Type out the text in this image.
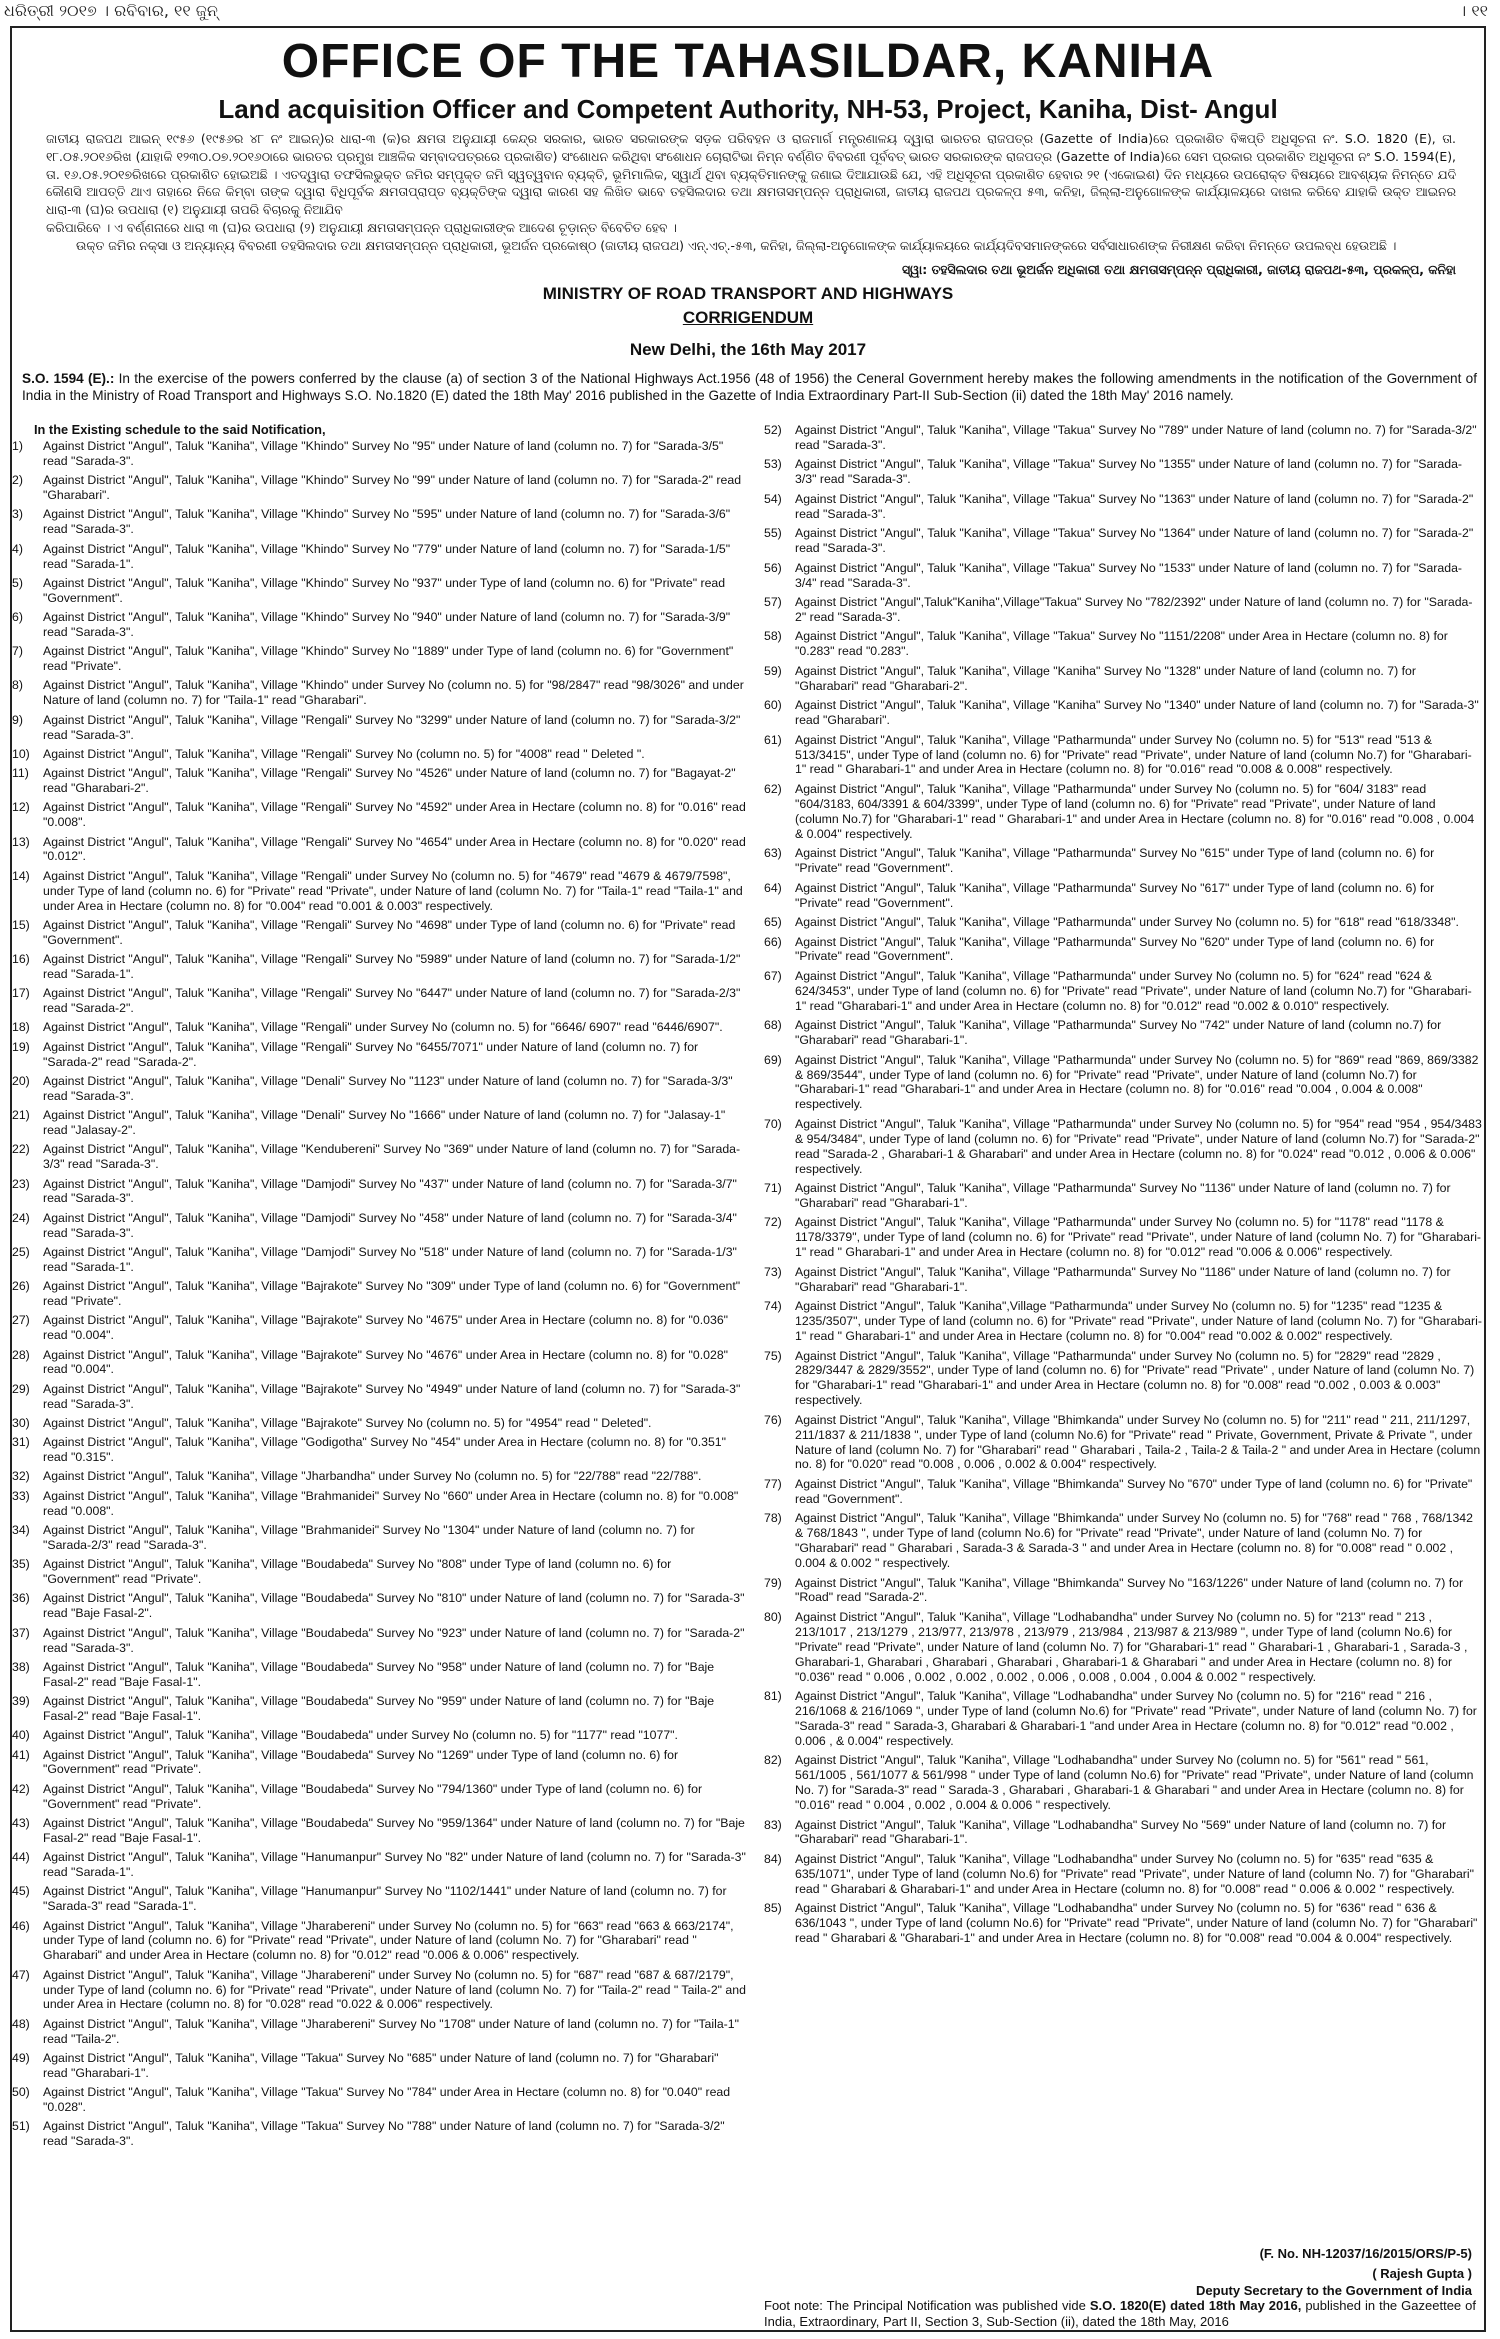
ଧରିତ୍ରୀ ୨୦୧୭ । ରବିବାର, ୧୧ ଜୁନ୍	। ୧୧
OFFICE OF THE TAHASILDAR, KANIHA
Land acquisition Officer and Competent Authority, NH-53, Project, Kaniha, Dist- Angul

ଜାତୀୟ ରାଜପଥ ଆଇନ୍ ୧୯୫୬ (୧୯୫୬ର ୪୮ ନଂ ଆଇନ୍)ର ଧାରା-୩ (କ)ର କ୍ଷମତା ଅନୁଯାୟୀ କେନ୍ଦ୍ର ସରକାର, ଭାରତ ସରକାରଙ୍କ ସଡ଼କ ପରିବହନ ଓ ରାଜମାର୍ଗ ମନ୍ତ୍ରଣାଳୟ ଦ୍ୱାରା ଭାରତର ରାଜପତ୍ର (Gazette of India)ରେ ପ୍ରକାଶିତ ବିଜ୍ଞପ୍ତି ଅଧିସୂଚନା ନଂ. S.O. 1820 (E), ତା. ୧୮.୦୫.୨୦୧୬ରିଖ (ଯାହାକି ୧୨୩୦.୦୭.୨୦୧୬ଠାରେ ଭାରତର ପ୍ରମୁଖ ଆଞ୍ଚଳିକ ସମ୍ବାଦପତ୍ରରେ ପ୍ରକାଶିତ) ସଂଶୋଧନ କରିଥିବା ସଂଶୋଧନ ଚୋରାଟିଭା ନିମ୍ନ ବର୍ଣ୍ଣିତ ବିବରଣୀ ପୂର୍ବବତ୍ ଭାରତ ସରକାରଙ୍କ ରାଜପତ୍ର (Gazette of India)ରେ ସେମ ପ୍ରକାର ପ୍ରକାଶିତ ଅଧିସୂଚନା ନଂ S.O. 1594(E), ତା. ୧୬.୦୫.୨୦୧୭ରିଖରେ ପ୍ରକାଶିତ ହୋଇଅଛି । ଏତଦ୍ୱାରା ତଫସିଲଭୁକ୍ତ ଜମିର ସମ୍ପୃକ୍ତ ଜମି ସ୍ୱତ୍ୱବାନ ବ୍ୟକ୍ତି, ଭୂମିମାଲିକ, ସ୍ୱାର୍ଥ ଥିବା ବ୍ୟକ୍ତିମାନଙ୍କୁ ଜଣାଇ ଦିଆଯାଉଛି ଯେ, ଏହି ଅଧିସୂଚନା ପ୍ରକାଶିତ ହେବାର ୨୧ (ଏକୋଇଶ) ଦିନ ମଧ୍ୟରେ ଉପରୋକ୍ତ ବିଷୟରେ ଆବଶ୍ୟକ ନିମନ୍ତେ ଯଦି କୌଣସି ଆପତ୍ତି ଥାଏ ତାହାରେ ନିଜେ କିମ୍ବା ତାଙ୍କ ଦ୍ୱାରା ବିଧିପୂର୍ବକ କ୍ଷମତାପ୍ରାପ୍ତ ବ୍ୟକ୍ତିଙ୍କ ଦ୍ୱାରା କାରଣ ସହ ଲିଖିତ ଭାବେ ତହସିଲଦାର ତଥା କ୍ଷମତାସମ୍ପନ୍ନ ପ୍ରାଧିକାରୀ, ଜାତୀୟ ରାଜପଥ ପ୍ରକଳ୍ପ ୫୩, କନିହା, ଜିଲ୍ଲା-ଅନୁଗୋଳଙ୍କ କାର୍ଯ୍ୟାଳୟରେ ଦାଖଲ କରିବେ ଯାହାକି ଉକ୍ତ ଆଇନର ଧାରା-୩ (ଘ)ର ଉପଧାରା (୧) ଅନୁଯାୟୀ ତାପରି ବିଚାରକୁ ନିଆଯିବ

କରିପାରିବେ । ଏ ବର୍ଣ୍ଣନାରେ ଧାରା ୩ (ଘ)ର ଉପଧାରା (୨) ଅନୁଯାୟୀ କ୍ଷମତାସମ୍ପନ୍ନ ପ୍ରାଧିକାରୀଙ୍କ ଆଦେଶ ଚୂଡ଼ାନ୍ତ ବିବେଚିତ ହେବ ।

ଉକ୍ତ ଜମିର ନକ୍ସା ଓ ଅନ୍ୟାନ୍ୟ ବିବରଣୀ ତହସିଲଦାର ତଥା କ୍ଷମତାସମ୍ପନ୍ନ ପ୍ରାଧିକାରୀ, ଭୂଅର୍ଜନ ପ୍ରକୋଷ୍ଠ (ଜାତୀୟ ରାଜପଥ) ଏନ୍.ଏଚ୍.-୫୩, କନିହା, ଜିଲ୍ଲା-ଅନୁଗୋଳଙ୍କ କାର୍ଯ୍ୟାଳୟରେ କାର୍ଯ୍ୟଦିବସମାନଙ୍କରେ ସର୍ବସାଧାରଣଙ୍କ ନିରୀକ୍ଷଣ କରିବା ନିମନ୍ତେ ଉପଲବ୍ଧ ହେଉଅଛି ।

ସ୍ୱା: ତହସିଲଦାର ତଥା ଭୂଅର୍ଜନ ଅଧିକାରୀ ତଥା କ୍ଷମତାସମ୍ପନ୍ନ ପ୍ରାଧିକାରୀ, ଜାତୀୟ ରାଜପଥ-୫୩, ପ୍ରକଳ୍ପ, କନିହା
MINISTRY OF ROAD TRANSPORT AND HIGHWAYS
CORRIGENDUM
New Delhi, the 16th May 2017
S.O. 1594 (E).: In the exercise of the powers conferred by the clause (a) of section 3 of the National Highways Act.1956 (48 of 1956) the Ceneral Government hereby makes the following amendments in the notification of the Government of India in the Ministry of Road Transport and Highways S.O. No.1820 (E) dated the 18th May' 2016 published in the Gazette of India Extraordinary Part-II Sub-Section (ii) dated the 18th May' 2016 namely.
In the Existing schedule to the said Notification,
1) Against District "Angul", Taluk "Kaniha", Village "Khindo" Survey No "95" under Nature of land (column no. 7) for "Sarada-3/5" read "Sarada-3".
2) Against District "Angul", Taluk "Kaniha", Village "Khindo" Survey No "99" under Nature of land (column no. 7) for "Sarada-2" read "Gharabari".
3) Against District "Angul", Taluk "Kaniha", Village "Khindo" Survey No "595" under Nature of land (column no. 7) for "Sarada-3/6" read "Sarada-3".
4) Against District "Angul", Taluk "Kaniha", Village "Khindo" Survey No "779" under Nature of land (column no. 7) for "Sarada-1/5" read "Sarada-1".
5) Against District "Angul", Taluk "Kaniha", Village "Khindo" Survey No "937" under Type of land (column no. 6) for "Private" read "Government".
6) Against District "Angul", Taluk "Kaniha", Village "Khindo" Survey No "940" under Nature of land (column no. 7) for "Sarada-3/9" read "Sarada-3".
7) Against District "Angul", Taluk "Kaniha", Village "Khindo" Survey No "1889" under Type of land (column no. 6) for "Government" read "Private".
8) Against District "Angul", Taluk "Kaniha", Village "Khindo" under Survey No (column no. 5) for "98/2847" read "98/3026" and under Nature of land (column no. 7) for "Taila-1" read "Gharabari".
9) Against District "Angul", Taluk "Kaniha", Village "Rengali" Survey No "3299" under Nature of land (column no. 7) for "Sarada-3/2" read "Sarada-3".
10) Against District "Angul", Taluk "Kaniha", Village "Rengali" Survey No (column no. 5) for "4008" read " Deleted ".
11) Against District "Angul", Taluk "Kaniha", Village "Rengali" Survey No "4526" under Nature of land (column no. 7) for "Bagayat-2" read "Gharabari-2".
12) Against District "Angul", Taluk "Kaniha", Village "Rengali" Survey No "4592" under Area in Hectare (column no. 8) for "0.016" read "0.008".
13) Against District "Angul", Taluk "Kaniha", Village "Rengali" Survey No "4654" under Area in Hectare (column no. 8) for "0.020" read "0.012".
14) Against District "Angul", Taluk "Kaniha", Village "Rengali" under Survey No (column no. 5) for "4679" read "4679 & 4679/7598", under Type of land (column no. 6) for "Private" read "Private", under Nature of land (column No. 7) for "Taila-1" read "Taila-1" and under Area in Hectare (column no. 8) for "0.004" read "0.001 & 0.003" respectively.
15) Against District "Angul", Taluk "Kaniha", Village "Rengali" Survey No "4698" under Type of land (column no. 6) for "Private" read "Government".
16) Against District "Angul", Taluk "Kaniha", Village "Rengali" Survey No "5989" under Nature of land (column no. 7) for "Sarada-1/2" read "Sarada-1".
17) Against District "Angul", Taluk "Kaniha", Village "Rengali" Survey No "6447" under Nature of land (column no. 7) for "Sarada-2/3" read "Sarada-2".
18) Against District "Angul", Taluk "Kaniha", Village "Rengali" under Survey No (column no. 5) for "6646/ 6907" read "6446/6907".
19) Against District "Angul", Taluk "Kaniha", Village "Rengali" Survey No "6455/7071" under Nature of land (column no. 7) for "Sarada-2" read "Sarada-2".
20) Against District "Angul", Taluk "Kaniha", Village "Denali" Survey No "1123" under Nature of land (column no. 7) for "Sarada-3/3" read "Sarada-3".
21) Against District "Angul", Taluk "Kaniha", Village "Denali" Survey No "1666" under Nature of land (column no. 7) for "Jalasay-1" read "Jalasay-2".
22) Against District "Angul", Taluk "Kaniha", Village "Kendubereni" Survey No "369" under Nature of land (column no. 7) for "Sarada-3/3" read "Sarada-3".
23) Against District "Angul", Taluk "Kaniha", Village "Damjodi" Survey No "437" under Nature of land (column no. 7) for "Sarada-3/7" read "Sarada-3".
24) Against District "Angul", Taluk "Kaniha", Village "Damjodi" Survey No "458" under Nature of land (column no. 7) for "Sarada-3/4" read "Sarada-3".
25) Against District "Angul", Taluk "Kaniha", Village "Damjodi" Survey No "518" under Nature of land (column no. 7) for "Sarada-1/3" read "Sarada-1".
26) Against District "Angul", Taluk "Kaniha", Village "Bajrakote" Survey No "309" under Type of land (column no. 6) for "Government" read "Private".
27) Against District "Angul", Taluk "Kaniha", Village "Bajrakote" Survey No "4675" under Area in Hectare (column no. 8) for "0.036" read "0.004".
28) Against District "Angul", Taluk "Kaniha", Village "Bajrakote" Survey No "4676" under Area in Hectare (column no. 8) for "0.028" read "0.004".
29) Against District "Angul", Taluk "Kaniha", Village "Bajrakote" Survey No "4949" under Nature of land (column no. 7) for "Sarada-3" read "Sarada-3".
30) Against District "Angul", Taluk "Kaniha", Village "Bajrakote" Survey No (column no. 5) for "4954" read " Deleted".
31) Against District "Angul", Taluk "Kaniha", Village "Godigotha" Survey No "454" under Area in Hectare (column no. 8) for "0.351" read "0.315".
32) Against District "Angul", Taluk "Kaniha", Village "Jharbandha" under Survey No (column no. 5) for "22/788" read "22/788".
33) Against District "Angul", Taluk "Kaniha", Village "Brahmanidei" Survey No "660" under Area in Hectare (column no. 8) for "0.008" read "0.008".
34) Against District "Angul", Taluk "Kaniha", Village "Brahmanidei" Survey No "1304" under Nature of land (column no. 7) for "Sarada-2/3" read "Sarada-3".
35) Against District "Angul", Taluk "Kaniha", Village "Boudabeda" Survey No "808" under Type of land (column no. 6) for "Government" read "Private".
36) Against District "Angul", Taluk "Kaniha", Village "Boudabeda" Survey No "810" under Nature of land (column no. 7) for "Sarada-3" read "Baje Fasal-2".
37) Against District "Angul", Taluk "Kaniha", Village "Boudabeda" Survey No "923" under Nature of land (column no. 7) for "Sarada-2" read "Sarada-3".
38) Against District "Angul", Taluk "Kaniha", Village "Boudabeda" Survey No "958" under Nature of land (column no. 7) for "Baje Fasal-2" read "Baje Fasal-1".
39) Against District "Angul", Taluk "Kaniha", Village "Boudabeda" Survey No "959" under Nature of land (column no. 7) for "Baje Fasal-2" read "Baje Fasal-1".
40) Against District "Angul", Taluk "Kaniha", Village "Boudabeda" under Survey No (column no. 5) for "1177" read "1077".
41) Against District "Angul", Taluk "Kaniha", Village "Boudabeda" Survey No "1269" under Type of land (column no. 6) for "Government" read "Private".
42) Against District "Angul", Taluk "Kaniha", Village "Boudabeda" Survey No "794/1360" under Type of land (column no. 6) for "Government" read "Private".
43) Against District "Angul", Taluk "Kaniha", Village "Boudabeda" Survey No "959/1364" under Nature of land (column no. 7) for "Baje Fasal-2" read "Baje Fasal-1".
44) Against District "Angul", Taluk "Kaniha", Village "Hanumanpur" Survey No "82" under Nature of land (column no. 7) for "Sarada-3" read "Sarada-1".
45) Against District "Angul", Taluk "Kaniha", Village "Hanumanpur" Survey No "1102/1441" under Nature of land (column no. 7) for "Sarada-3" read "Sarada-1".
46) Against District "Angul", Taluk "Kaniha", Village "Jharabereni" under Survey No (column no. 5) for "663" read "663 & 663/2174", under Type of land (column no. 6) for "Private" read "Private", under Nature of land (column No. 7) for "Gharabari" read " Gharabari" and under Area in Hectare (column no. 8) for "0.012" read "0.006 & 0.006" respectively.
47) Against District "Angul", Taluk "Kaniha", Village "Jharabereni" under Survey No (column no. 5) for "687" read "687 & 687/2179", under Type of land (column no. 6) for "Private" read "Private", under Nature of land (column No. 7) for "Taila-2" read " Taila-2" and under Area in Hectare (column no. 8) for "0.028" read "0.022 & 0.006" respectively.
48) Against District "Angul", Taluk "Kaniha", Village "Jharabereni" Survey No "1708" under Nature of land (column no. 7) for "Taila-1" read "Taila-2".
49) Against District "Angul", Taluk "Kaniha", Village "Takua" Survey No "685" under Nature of land (column no. 7) for "Gharabari" read "Gharabari-1".
50) Against District "Angul", Taluk "Kaniha", Village "Takua" Survey No "784" under Area in Hectare (column no. 8) for "0.040" read "0.028".
51) Against District "Angul", Taluk "Kaniha", Village "Takua" Survey No "788" under Nature of land (column no. 7) for "Sarada-3/2" read "Sarada-3".
52) Against District "Angul", Taluk "Kaniha", Village "Takua" Survey No "789" under Nature of land (column no. 7) for "Sarada-3/2" read "Sarada-3".
53) Against District "Angul", Taluk "Kaniha", Village "Takua" Survey No "1355" under Nature of land (column no. 7) for "Sarada-3/3" read "Sarada-3".
54) Against District "Angul", Taluk "Kaniha", Village "Takua" Survey No "1363" under Nature of land (column no. 7) for "Sarada-2" read "Sarada-3".
55) Against District "Angul", Taluk "Kaniha", Village "Takua" Survey No "1364" under Nature of land (column no. 7) for "Sarada-2" read "Sarada-3".
56) Against District "Angul", Taluk "Kaniha", Village "Takua" Survey No "1533" under Nature of land (column no. 7) for "Sarada-3/4" read "Sarada-3".
57) Against District "Angul",Taluk"Kaniha",Village"Takua" Survey No "782/2392" under Nature of land (column no. 7) for "Sarada-2" read "Sarada-3".
58) Against District "Angul", Taluk "Kaniha", Village "Takua" Survey No "1151/2208" under Area in Hectare (column no. 8) for "0.283" read "0.283".
59) Against District "Angul", Taluk "Kaniha", Village "Kaniha" Survey No "1328" under Nature of land (column no. 7) for "Gharabari" read "Gharabari-2".
60) Against District "Angul", Taluk "Kaniha", Village "Kaniha" Survey No "1340" under Nature of land (column no. 7) for "Sarada-3" read "Gharabari".
61) Against District "Angul", Taluk "Kaniha", Village "Patharmunda" under Survey No (column no. 5) for "513" read "513 & 513/3415", under Type of land (column no. 6) for "Private" read "Private", under Nature of land (column No.7) for "Gharabari-1" read " Gharabari-1" and under Area in Hectare (column no. 8) for "0.016" read "0.008 & 0.008" respectively.
62) Against District "Angul", Taluk "Kaniha", Village "Patharmunda" under Survey No (column no. 5) for "604/ 3183" read "604/3183, 604/3391 & 604/3399", under Type of land (column no. 6) for "Private" read "Private", under Nature of land (column No.7) for "Gharabari-1" read " Gharabari-1" and under Area in Hectare (column no. 8) for "0.016" read "0.008 , 0.004 & 0.004" respectively.
63) Against District "Angul", Taluk "Kaniha", Village "Patharmunda" Survey No "615" under Type of land (column no. 6) for "Private" read "Government".
64) Against District "Angul", Taluk "Kaniha", Village "Patharmunda" Survey No "617" under Type of land (column no. 6) for "Private" read "Government".
65) Against District "Angul", Taluk "Kaniha", Village "Patharmunda" under Survey No (column no. 5) for "618" read "618/3348".
66) Against District "Angul", Taluk "Kaniha", Village "Patharmunda" Survey No "620" under Type of land (column no. 6) for "Private" read "Government".
67) Against District "Angul", Taluk "Kaniha", Village "Patharmunda" under Survey No (column no. 5) for "624" read "624 & 624/3453", under Type of land (column no. 6) for "Private" read "Private", under Nature of land (column No.7) for "Gharabari-1" read "Gharabari-1" and under Area in Hectare (column no. 8) for "0.012" read "0.002 & 0.010" respectively.
68) Against District "Angul", Taluk "Kaniha", Village "Patharmunda" Survey No "742" under Nature of land (column no.7) for "Gharabari" read "Gharabari-1".
69) Against District "Angul", Taluk "Kaniha", Village "Patharmunda" under Survey No (column no. 5) for "869" read "869, 869/3382 & 869/3544", under Type of land (column no. 6) for "Private" read "Private", under Nature of land (column No.7) for "Gharabari-1" read "Gharabari-1" and under Area in Hectare (column no. 8) for "0.016" read "0.004 , 0.004 & 0.008" respectively.
70) Against District "Angul", Taluk "Kaniha", Village "Patharmunda" under Survey No (column no. 5) for "954" read "954 , 954/3483 & 954/3484", under Type of land (column no. 6) for "Private" read "Private", under Nature of land (column No.7) for "Sarada-2" read "Sarada-2 , Gharabari-1 & Gharabari" and under Area in Hectare (column no. 8) for "0.024" read "0.012 , 0.006 & 0.006" respectively.
71) Against District "Angul", Taluk "Kaniha", Village "Patharmunda" Survey No "1136" under Nature of land (column no. 7) for "Gharabari" read "Gharabari-1".
72) Against District "Angul", Taluk "Kaniha", Village "Patharmunda" under Survey No (column no. 5) for "1178" read "1178 & 1178/3379", under Type of land (column no. 6) for "Private" read "Private", under Nature of land (column No. 7) for "Gharabari-1" read " Gharabari-1" and under Area in Hectare (column no. 8) for "0.012" read "0.006 & 0.006" respectively.
73) Against District "Angul", Taluk "Kaniha", Village "Patharmunda" Survey No "1186" under Nature of land (column no. 7) for "Gharabari" read "Gharabari-1".
74) Against District "Angul", Taluk "Kaniha",Village "Patharmunda" under Survey No (column no. 5) for "1235" read "1235 & 1235/3507", under Type of land (column no. 6) for "Private" read "Private", under Nature of land (column No. 7) for "Gharabari-1" read " Gharabari-1" and under Area in Hectare (column no. 8) for "0.004" read "0.002 & 0.002" respectively.
75) Against District "Angul", Taluk "Kaniha", Village "Patharmunda" under Survey No (column no. 5) for "2829" read "2829 , 2829/3447 & 2829/3552", under Type of land (column no. 6) for "Private" read "Private" , under Nature of land (column No. 7) for "Gharabari-1" read "Gharabari-1" and under Area in Hectare (column no. 8) for "0.008" read "0.002 , 0.003 & 0.003" respectively.
76) Against District "Angul", Taluk "Kaniha", Village "Bhimkanda" under Survey No (column no. 5) for "211" read " 211, 211/1297, 211/1837 & 211/1838 ", under Type of land (column No.6) for "Private" read " Private, Government, Private & Private ", under Nature of land (column No. 7) for "Gharabari" read " Gharabari , Taila-2 , Taila-2 & Taila-2 " and under Area in Hectare (column no. 8) for "0.020" read "0.008 , 0.006 , 0.002 & 0.004" respectively.
77) Against District "Angul", Taluk "Kaniha", Village "Bhimkanda" Survey No "670" under Type of land (column no. 6) for "Private" read "Government".
78) Against District "Angul", Taluk "Kaniha", Village "Bhimkanda" under Survey No (column no. 5) for "768" read " 768 , 768/1342 & 768/1843 ", under Type of land (column No.6) for "Private" read "Private", under Nature of land (column No. 7) for "Gharabari" read " Gharabari , Sarada-3 & Sarada-3 " and under Area in Hectare (column no. 8) for "0.008" read " 0.002 , 0.004 & 0.002 " respectively.
79) Against District "Angul", Taluk "Kaniha", Village "Bhimkanda" Survey No "163/1226" under Nature of land (column no. 7) for "Road" read "Sarada-2".
80) Against District "Angul", Taluk "Kaniha", Village "Lodhabandha" under Survey No (column no. 5) for "213" read " 213 , 213/1017 , 213/1279 , 213/977, 213/978 , 213/979 , 213/984 , 213/987 & 213/989 ", under Type of land (column No.6) for "Private" read "Private", under Nature of land (column No. 7) for "Gharabari-1" read " Gharabari-1 , Gharabari-1 , Sarada-3 , Gharabari-1, Gharabari , Gharabari , Gharabari , Gharabari-1 & Gharabari " and under Area in Hectare (column no. 8) for "0.036" read " 0.006 , 0.002 , 0.002 , 0.002 , 0.006 , 0.008 , 0.004 , 0.004 & 0.002 " respectively.
81) Against District "Angul", Taluk "Kaniha", Village "Lodhabandha" under Survey No (column no. 5) for "216" read " 216 , 216/1068 & 216/1069 ", under Type of land (column No.6) for "Private" read "Private", under Nature of land (column No. 7) for "Sarada-3" read " Sarada-3, Gharabari & Gharabari-1 "and under Area in Hectare (column no. 8) for "0.012" read "0.002 , 0.006 , & 0.004" respectively.
82) Against District "Angul", Taluk "Kaniha", Village "Lodhabandha" under Survey No (column no. 5) for "561" read " 561, 561/1005 , 561/1077 & 561/998 " under Type of land (column No.6) for "Private" read "Private", under Nature of land (column No. 7) for "Sarada-3" read " Sarada-3 , Gharabari , Gharabari-1 & Gharabari " and under Area in Hectare (column no. 8) for "0.016" read " 0.004 , 0.002 , 0.004 & 0.006 " respectively.
83) Against District "Angul", Taluk "Kaniha", Village "Lodhabandha" Survey No "569" under Nature of land (column no. 7) for "Gharabari" read "Gharabari-1".
84) Against District "Angul", Taluk "Kaniha", Village "Lodhabandha" under Survey No (column no. 5) for "635" read "635 & 635/1071", under Type of land (column No.6) for "Private" read "Private", under Nature of land (column No. 7) for "Gharabari" read " Gharabari & Gharabari-1" and under Area in Hectare (column no. 8) for "0.008" read " 0.006 & 0.002 " respectively.
85) Against District "Angul", Taluk "Kaniha", Village "Lodhabandha" under Survey No (column no. 5) for "636" read " 636 & 636/1043 ", under Type of land (column No.6) for "Private" read "Private", under Nature of land (column No. 7) for "Gharabari" read " Gharabari & "Gharabari-1" and under Area in Hectare (column no. 8) for "0.008" read "0.004 & 0.004" respectively.
(F. No. NH-12037/16/2015/ORS/P-5)
( Rajesh Gupta )
Deputy Secretary to the Government of India
Foot note: The Principal Notification was published vide S.O. 1820(E) dated 18th May 2016, published in the Gazeettee of India, Extraordinary, Part II, Section 3, Sub-Section (ii), dated the 18th May, 2016
